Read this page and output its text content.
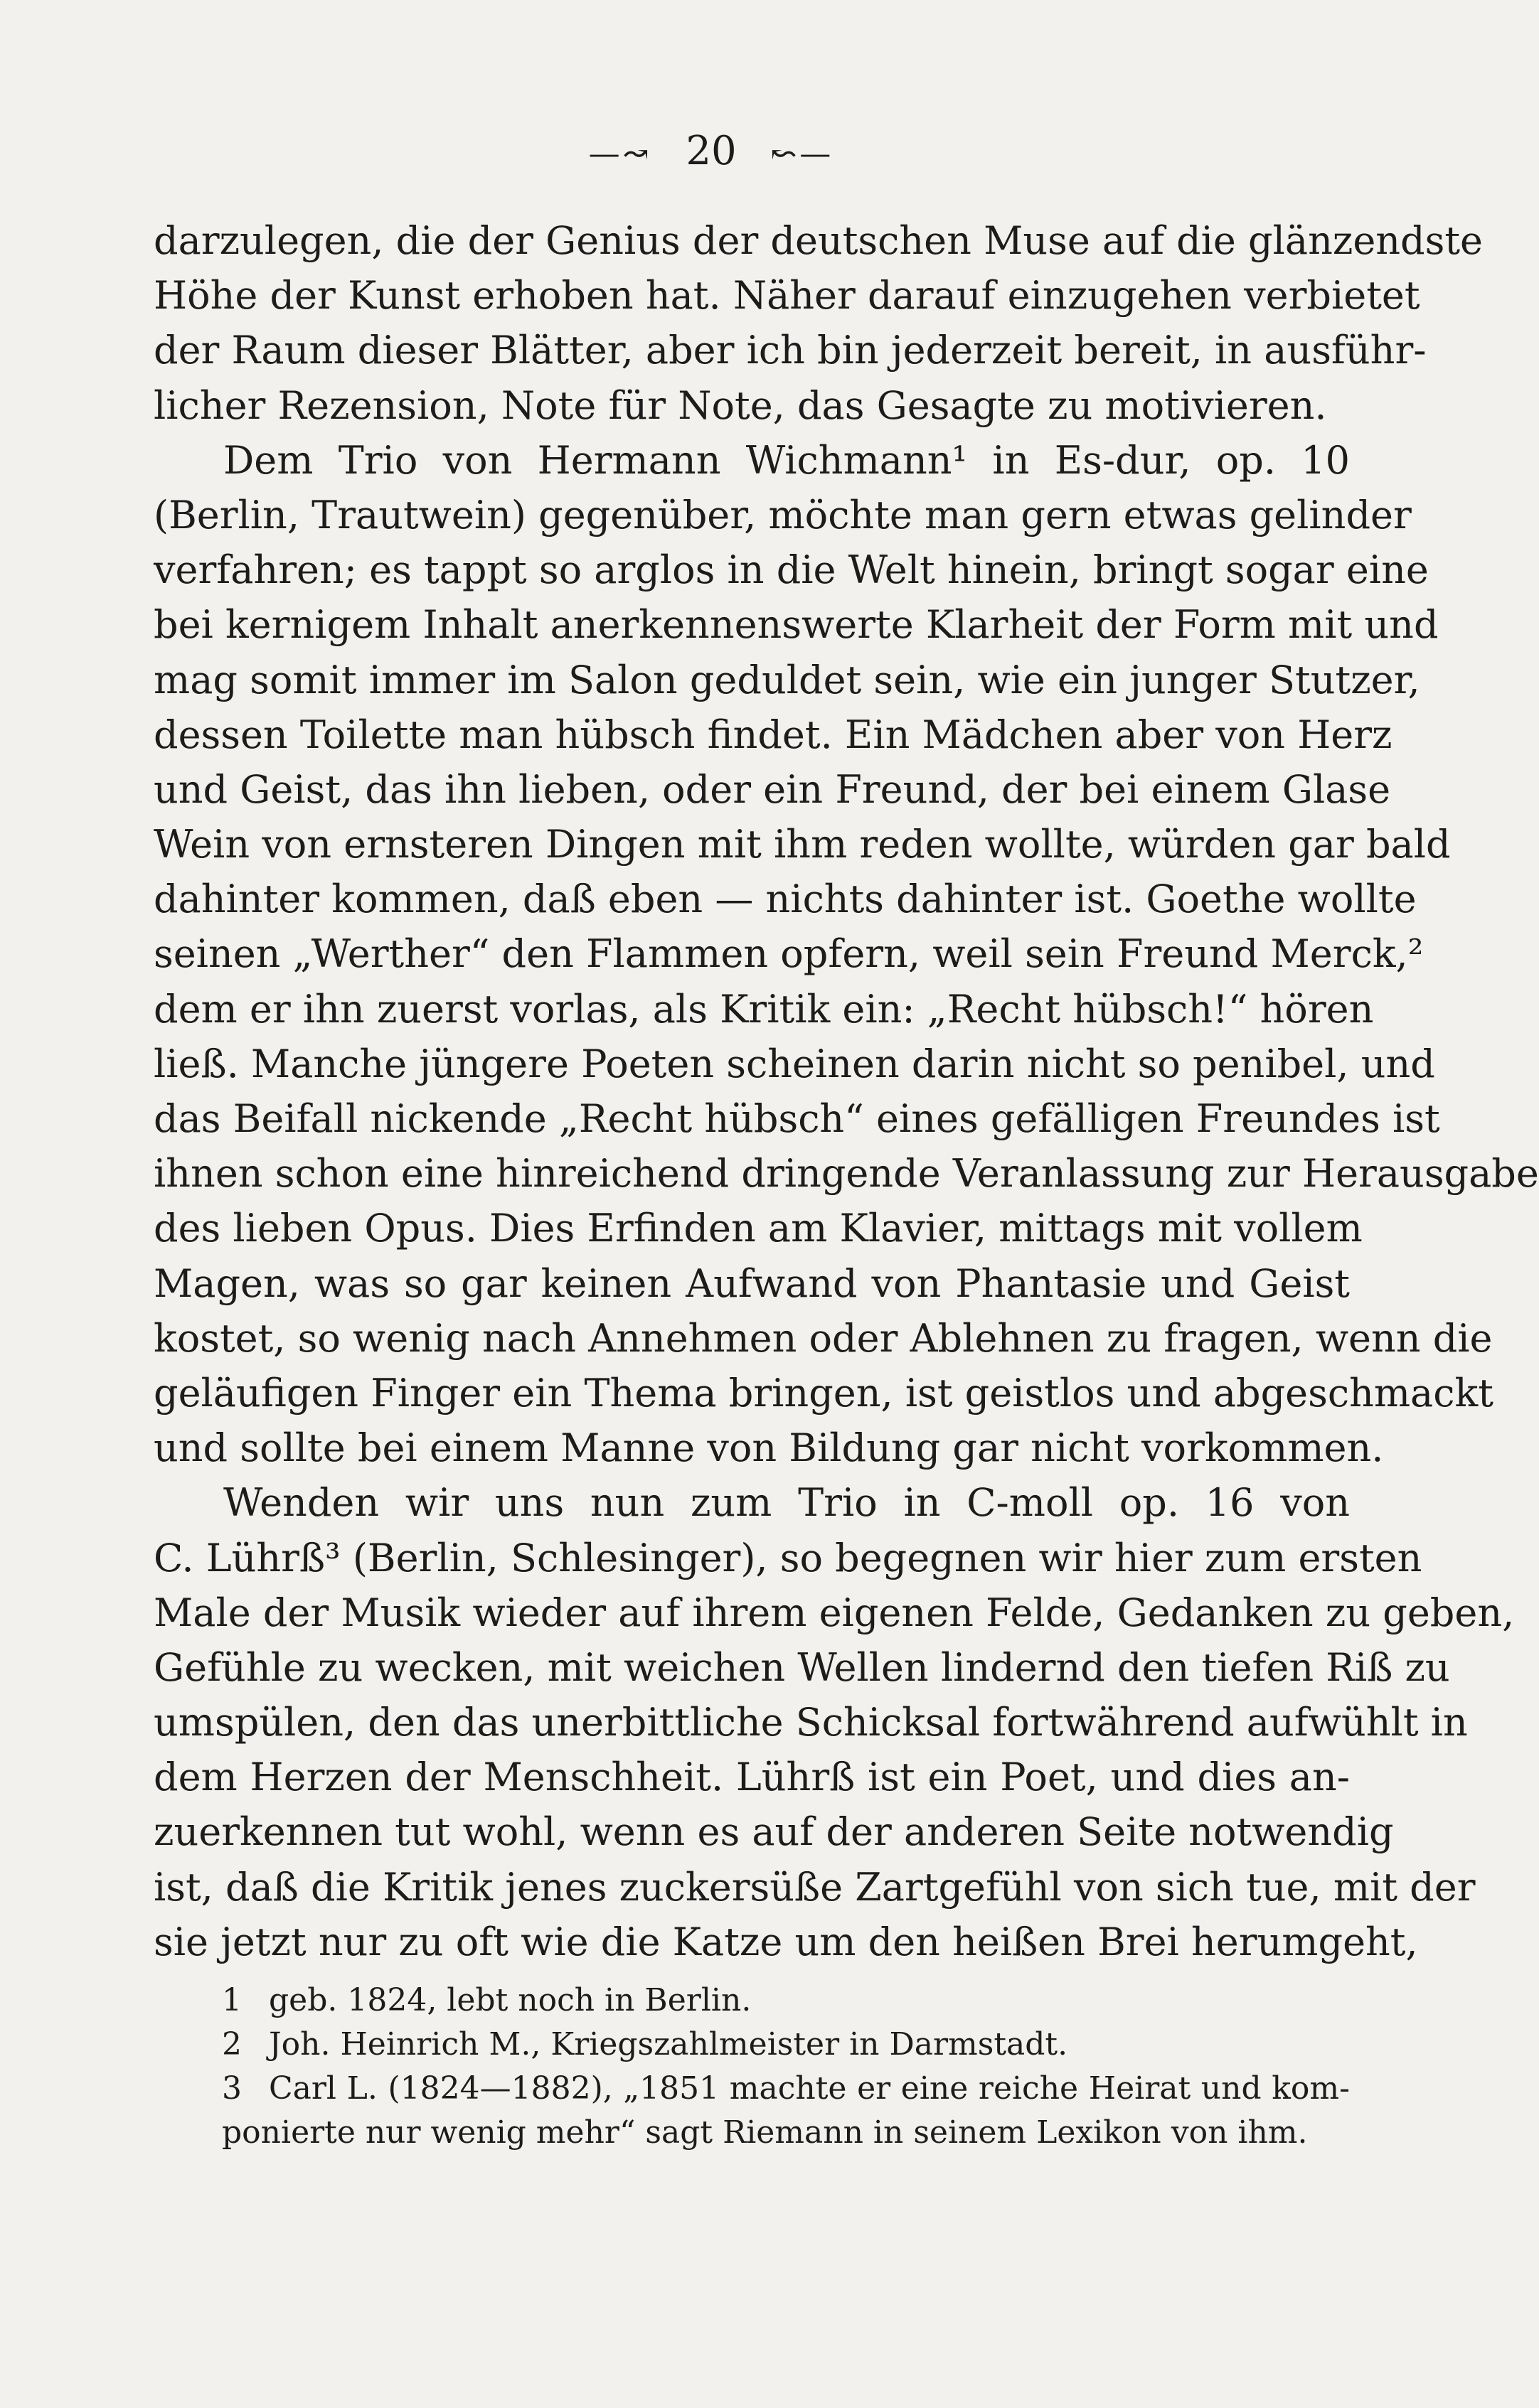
—↝ 20 ↜—
darzulegen, die der Genius der deutschen Muse auf die glänzendste
Höhe der Kunst erhoben hat. Näher darauf einzugehen verbietet
der Raum dieser Blätter, aber ich bin jederzeit bereit, in ausführ-
licher Rezension, Note für Note, das Gesagte zu motivieren.
Dem Trio von Hermann Wichmann¹ in Es-dur, op. 10
(Berlin, Trautwein) gegenüber, möchte man gern etwas gelinder
verfahren; es tappt so arglos in die Welt hinein, bringt sogar eine
bei kernigem Inhalt anerkennenswerte Klarheit der Form mit und
mag somit immer im Salon geduldet sein, wie ein junger Stutzer,
dessen Toilette man hübsch findet. Ein Mädchen aber von Herz
und Geist, das ihn lieben, oder ein Freund, der bei einem Glase
Wein von ernsteren Dingen mit ihm reden wollte, würden gar bald
dahinter kommen, daß eben — nichts dahinter ist. Goethe wollte
seinen „Werther“ den Flammen opfern, weil sein Freund Merck,²
dem er ihn zuerst vorlas, als Kritik ein: „Recht hübsch!“ hören
ließ. Manche jüngere Poeten scheinen darin nicht so penibel, und
das Beifall nickende „Recht hübsch“ eines gefälligen Freundes ist
ihnen schon eine hinreichend dringende Veranlassung zur Herausgabe
des lieben Opus. Dies Erfinden am Klavier, mittags mit vollem
Magen, was so gar keinen Aufwand von Phantasie und Geist
kostet, so wenig nach Annehmen oder Ablehnen zu fragen, wenn die
geläufigen Finger ein Thema bringen, ist geistlos und abgeschmackt
und sollte bei einem Manne von Bildung gar nicht vorkommen.
Wenden wir uns nun zum Trio in C-moll op. 16 von
C. Lührß³ (Berlin, Schlesinger), so begegnen wir hier zum ersten
Male der Musik wieder auf ihrem eigenen Felde, Gedanken zu geben,
Gefühle zu wecken, mit weichen Wellen lindernd den tiefen Riß zu
umspülen, den das unerbittliche Schicksal fortwährend aufwühlt in
dem Herzen der Menschheit. Lührß ist ein Poet, und dies an-
zuerkennen tut wohl, wenn es auf der anderen Seite notwendig
ist, daß die Kritik jenes zuckersüße Zartgefühl von sich tue, mit der
sie jetzt nur zu oft wie die Katze um den heißen Brei herumgeht,
1 geb. 1824, lebt noch in Berlin.
2 Joh. Heinrich M., Kriegszahlmeister in Darmstadt.
3 Carl L. (1824—1882), „1851 machte er eine reiche Heirat und kom-
ponierte nur wenig mehr“ sagt Riemann in seinem Lexikon von ihm.
